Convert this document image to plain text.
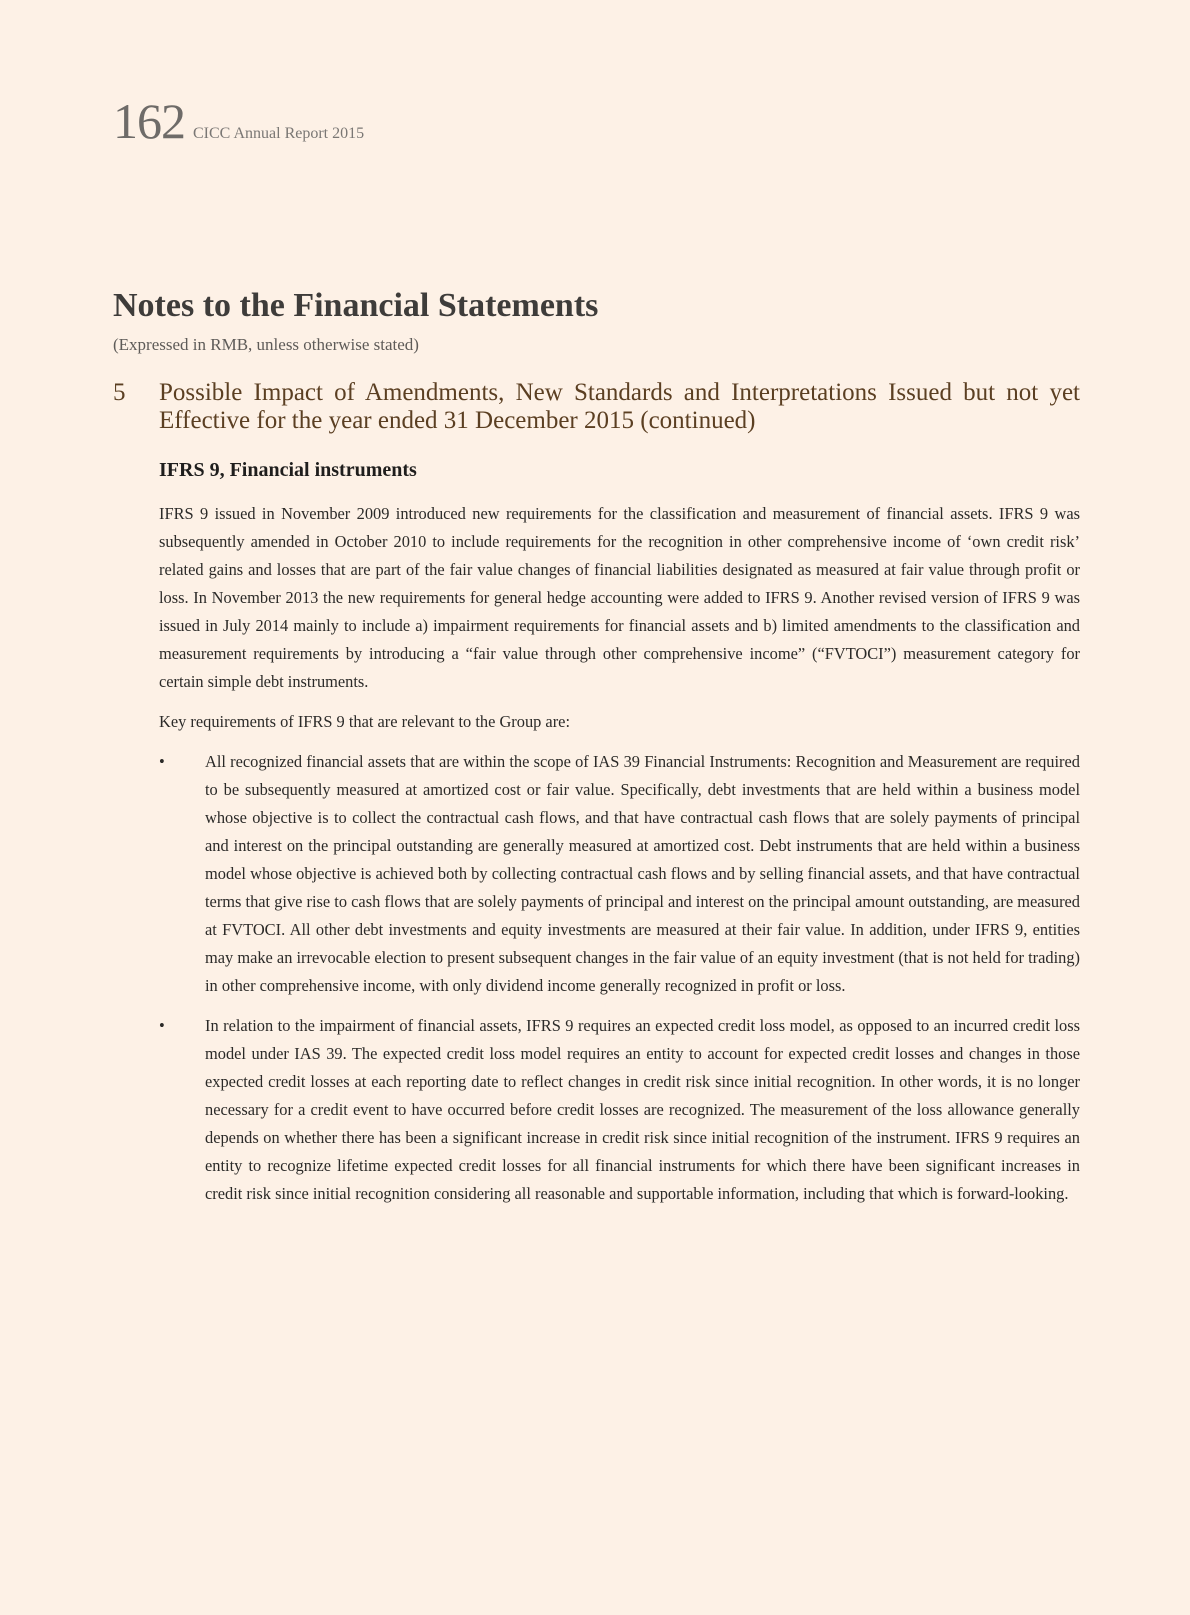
162 CICC Annual Report 2015
Notes to the Financial Statements
(Expressed in RMB, unless otherwise stated)
5	Possible Impact of Amendments, New Standards and Interpretations Issued but not yet Effective for the year ended 31 December 2015 (continued)
IFRS 9, Financial instruments

IFRS 9 issued in November 2009 introduced new requirements for the classification and measurement of financial assets. IFRS 9 was subsequently amended in October 2010 to include requirements for the recognition in other comprehensive income of ‘own credit risk’ related gains and losses that are part of the fair value changes of financial liabilities designated as measured at fair value through profit or loss. In November 2013 the new requirements for general hedge accounting were added to IFRS 9. Another revised version of IFRS 9 was issued in July 2014 mainly to include a) impairment requirements for financial assets and b) limited amendments to the classification and measurement requirements by introducing a “fair value through other comprehensive income” (“FVTOCI”) measurement category for certain simple debt instruments.

Key requirements of IFRS 9 that are relevant to the Group are:

•	All recognized financial assets that are within the scope of IAS 39 Financial Instruments: Recognition and Measurement are required to be subsequently measured at amortized cost or fair value. Specifically, debt investments that are held within a business model whose objective is to collect the contractual cash flows, and that have contractual cash flows that are solely payments of principal and interest on the principal outstanding are generally measured at amortized cost. Debt instruments that are held within a business model whose objective is achieved both by collecting contractual cash flows and by selling financial assets, and that have contractual terms that give rise to cash flows that are solely payments of principal and interest on the principal amount outstanding, are measured at FVTOCI. All other debt investments and equity investments are measured at their fair value. In addition, under IFRS 9, entities may make an irrevocable election to present subsequent changes in the fair value of an equity investment (that is not held for trading) in other comprehensive income, with only dividend income generally recognized in profit or loss.
•	In relation to the impairment of financial assets, IFRS 9 requires an expected credit loss model, as opposed to an incurred credit loss model under IAS 39. The expected credit loss model requires an entity to account for expected credit losses and changes in those expected credit losses at each reporting date to reflect changes in credit risk since initial recognition. In other words, it is no longer necessary for a credit event to have occurred before credit losses are recognized. The measurement of the loss allowance generally depends on whether there has been a significant increase in credit risk since initial recognition of the instrument. IFRS 9 requires an entity to recognize lifetime expected credit losses for all financial instruments for which there have been significant increases in credit risk since initial recognition considering all reasonable and supportable information, including that which is forward-looking.
